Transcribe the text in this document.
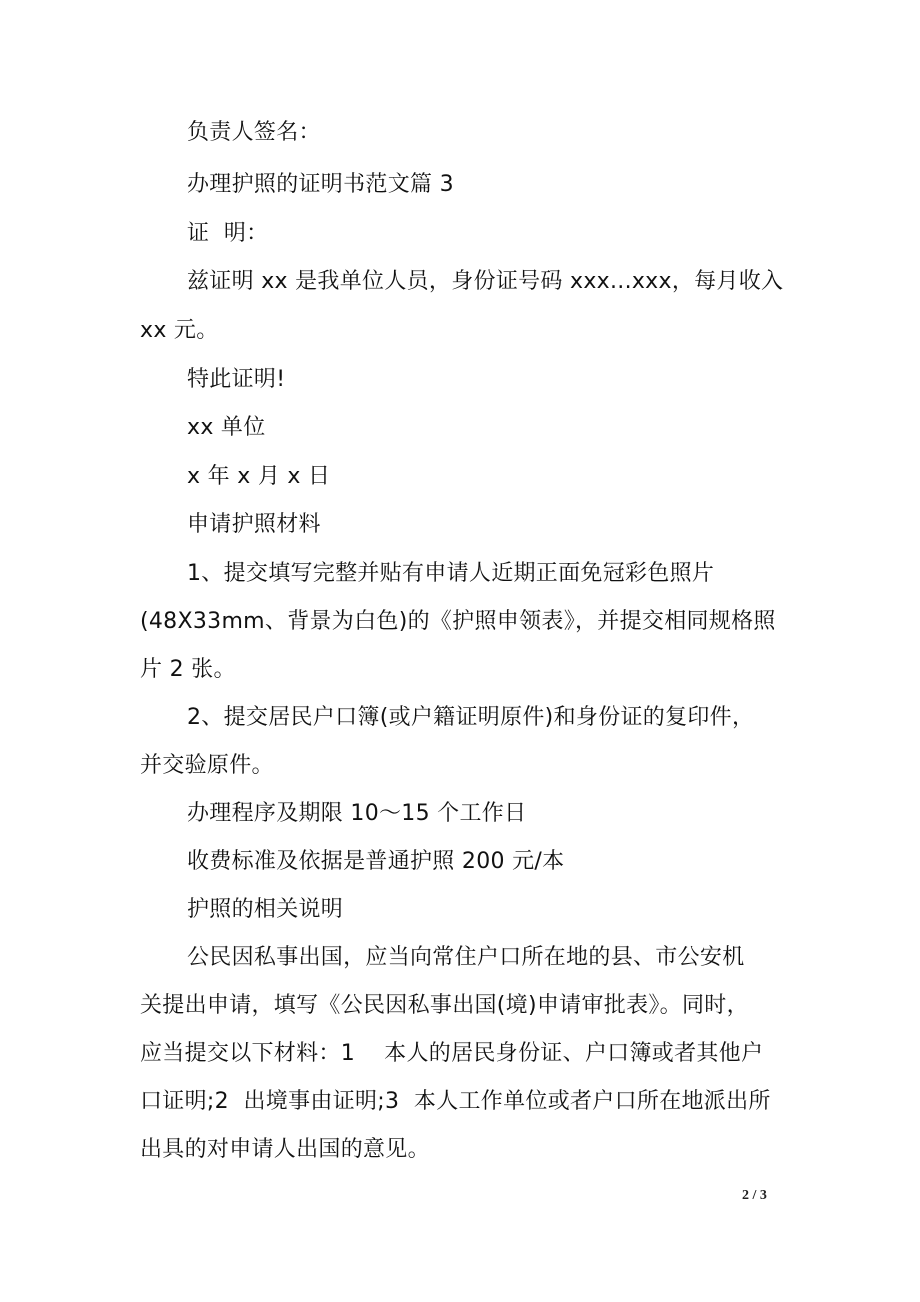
负责人签名：
办理护照的证明书范文篇 3
证  明：
兹证明 xx 是我单位人员，身份证号码 xxx...xxx，每月收入
xx 元。
特此证明!
xx 单位
x 年 x 月 x 日
申请护照材料
1、提交填写完整并贴有申请人近期正面免冠彩色照片
(48X33mm、背景为白色)的《护照申领表》，并提交相同规格照
片 2 张。
2、提交居民户口簿(或户籍证明原件)和身份证的复印件，
并交验原件。
办理程序及期限 10～15 个工作日
收费标准及依据是普通护照 200 元/本
护照的相关说明
公民因私事出国，应当向常住户口所在地的县、市公安机
关提出申请，填写《公民因私事出国(境)申请审批表》。同时，
应当提交以下材料：1    本人的居民身份证、户口簿或者其他户
口证明;2  出境事由证明;3  本人工作单位或者户口所在地派出所
出具的对申请人出国的意见。
2 / 3
